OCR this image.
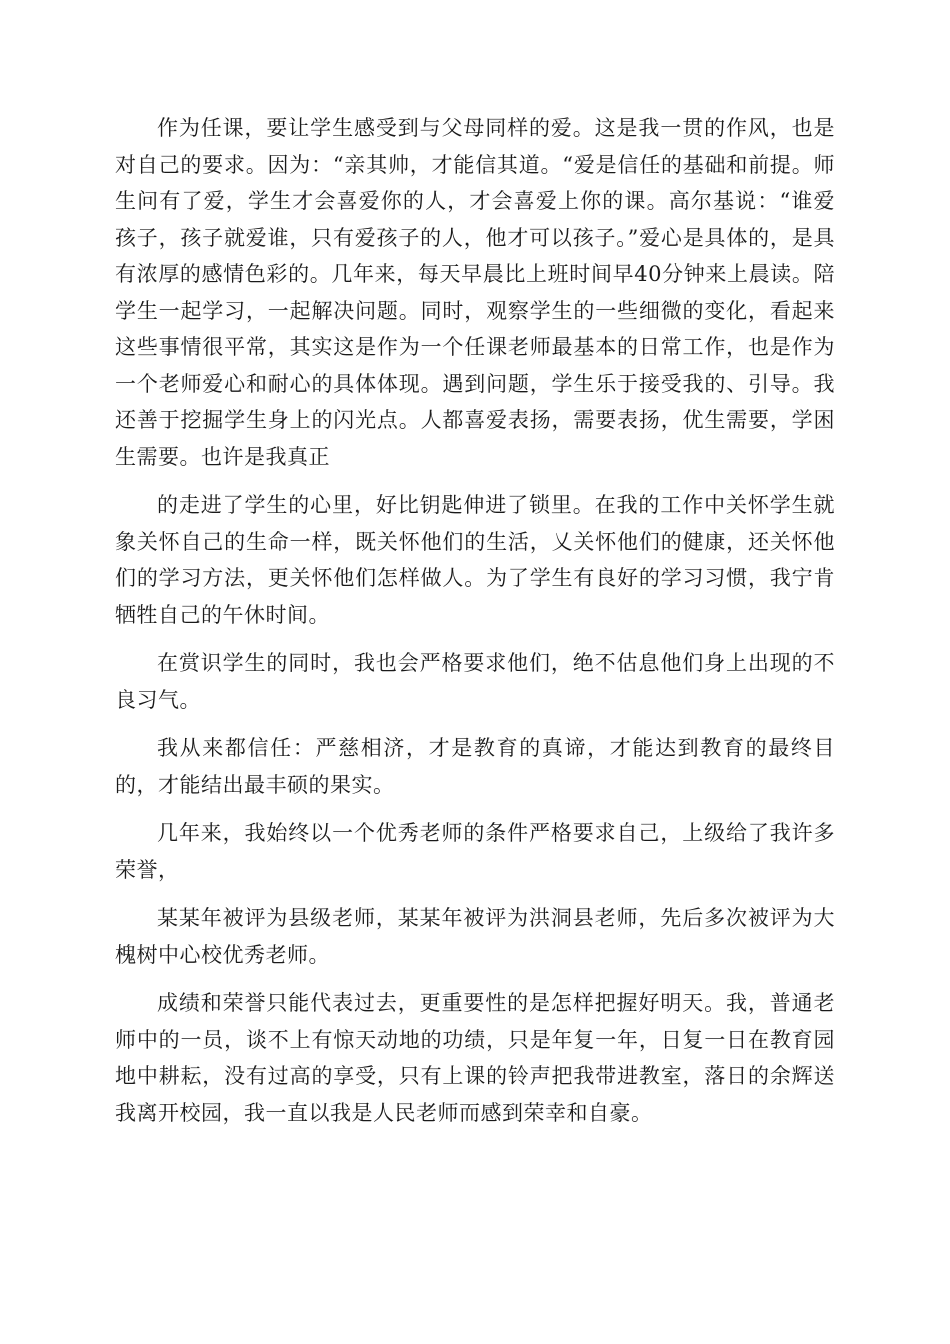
作为任课，要让学生感受到与父母同样的爱。这是我一贯的作风，也是对自己的要求。因为：“亲其帅，才能信其道。“爱是信任的基础和前提。师生问有了爱，学生才会喜爱你的人，才会喜爱上你的课。高尔基说：“谁爱孩子，孩子就爱谁，只有爱孩子的人，他才可以孩子。”爱心是具体的，是具有浓厚的感情色彩的。几年来，每天早晨比上班时间早40分钟来上晨读。陪学生一起学习，一起解决问题。同时，观察学生的一些细微的变化，看起来这些事情很平常，其实这是作为一个任课老师最基本的日常工作，也是作为一个老师爱心和耐心的具体体现。遇到问题，学生乐于接受我的、引导。我还善于挖掘学生身上的闪光点。人都喜爱表扬，需要表扬，优生需要，学困生需要。也许是我真正

的走进了学生的心里，好比钥匙伸进了锁里。在我的工作中关怀学生就象关怀自己的生命一样，既关怀他们的生活，乂关怀他们的健康，还关怀他们的学习方法，更关怀他们怎样做人。为了学生有良好的学习习惯，我宁肯牺牲自己的午休时间。

在赏识学生的同时，我也会严格要求他们，绝不估息他们身上出现的不良习气。

我从来都信任：严慈相济，才是教育的真谛，才能达到教育的最终目的，才能结出最丰硕的果实。

几年来，我始终以一个优秀老师的条件严格要求自己，上级给了我许多荣誉，

某某年被评为县级老师，某某年被评为洪洞县老师，先后多次被评为大槐树中心校优秀老师。

成绩和荣誉只能代表过去，更重要性的是怎样把握好明天。我，普通老师中的一员，谈不上有惊天动地的功绩，只是年复一年，日复一日在教育园地中耕耘，没有过高的享受，只有上课的铃声把我带进教室，落日的余辉送我离开校园，我一直以我是人民老师而感到荣幸和自豪。
